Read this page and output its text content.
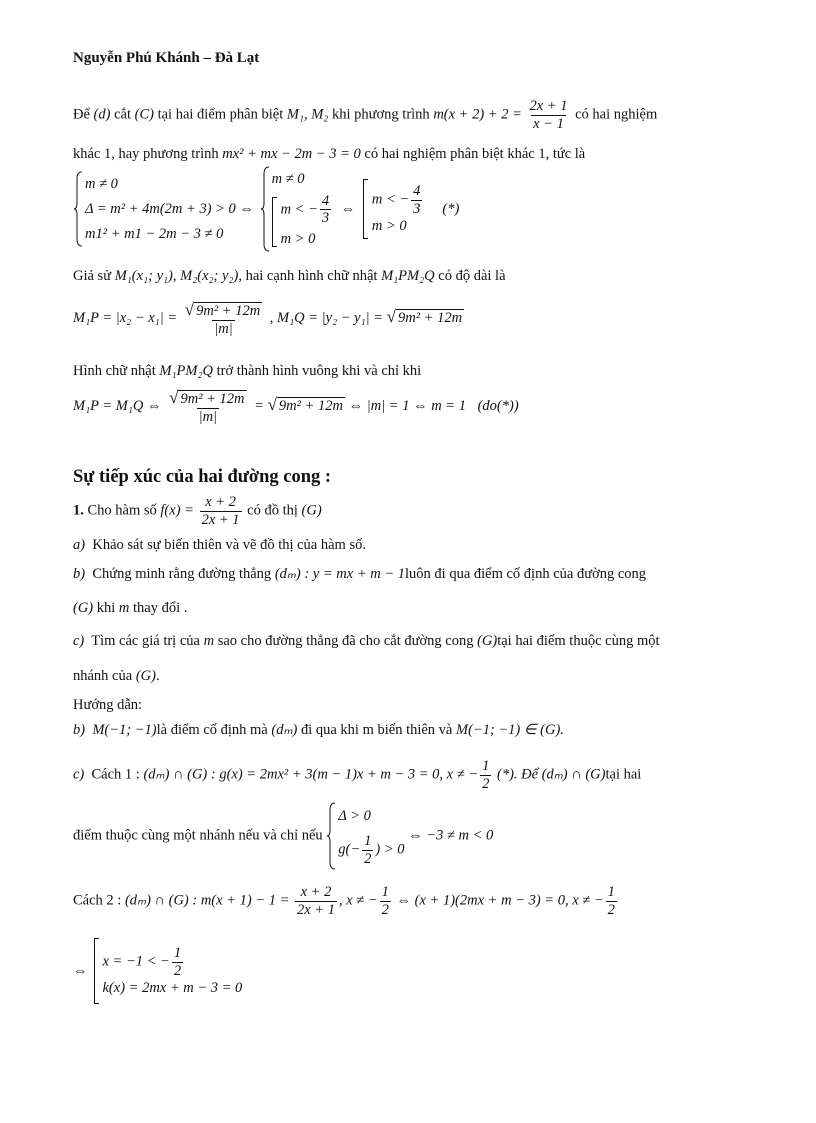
Nguyễn Phú Khánh – Đà Lạt
Để (d) cắt (C) tại hai điểm phân biệt M₁, M₂ khi phương trình $m(x + 2) + 2 = \frac{2x + 1}{x - 1}$ có hai nghiệm
khác 1, hay phương trình mx² + mx − 2m − 3 = 0 có hai nghiệm phân biệt khác 1, tức là
m ≠ 0
Δ = m² + 4m(2m + 3) > 0 ⇔
m1² + m1 − 2m − 3 ≠ 0

m ≠ 0
m < − $\frac{4}{3}$
m > 0
⇔
m < − $\frac{4}{3}$
m > 0
(*)
Giả sử M₁(x₁; y₁), M₂(x₂; y₂), hai cạnh hình chữ nhật M₁PM₂Q có độ dài là
$M_1P = |x_2 - x_1| = \frac{\text{√ 9m² + 12m}}{|m|}$ , M₁Q = |y₂ − y₁| = √ 9m² + 12m
Hình chữ nhật M₁PM₂Q trở thành hình vuông khi và chỉ khi
M₁P = M₁Q ⇔ $\frac{\text{√ 9m² + 12m}}{|m|}$ = √ 9m² + 12m ⇔ |m| = 1 ⇔ m = 1 (do(*))
Sự tiếp xúc của hai đường cong :
1. Cho hàm số $f(x) = \frac{x + 2}{2x + 1}$ có đồ thị (G)
a) Khảo sát sự biến thiên và vẽ đồ thị của hàm số.
b) Chứng minh rằng đường thẳng (dₘ) : y = mx + m − 1luôn đi qua điểm cố định của đường cong
(G) khi m thay đổi .
c) Tìm các giá trị của m sao cho đường thẳng đã cho cắt đường cong (G)tại hai điểm thuộc cùng một
nhánh của (G).
Hướng dẫn:
b) M(−1; −1)là điểm cố định mà (dₘ) đi qua khi m biến thiên và M(−1; −1) ∈ (G).
c) Cách 1 : (dₘ) ∩ (G) : g(x) = 2mx² + 3(m − 1)x + m − 3 = 0, x ≠ − $\frac{1}{2}$ (*). Để (dₘ) ∩ (G)tại hai
điểm thuộc cùng một nhánh nếu và chỉ nếu
Δ > 0
$g(- \frac{1}{2}$ ) > 0
⇔ −3 ≠ m < 0
Cách 2 : (dₘ) ∩ (G) : $m(x + 1) - 1 = \frac{x + 2}{2x + 1}$ , x ≠ − $\frac{1}{2}$ ⇔ (x + 1)(2mx + m − 3) = 0, x ≠ − $\frac{1}{2}$
⇔
x = −1 < − $\frac{1}{2}$
k(x) = 2mx + m − 3 = 0
